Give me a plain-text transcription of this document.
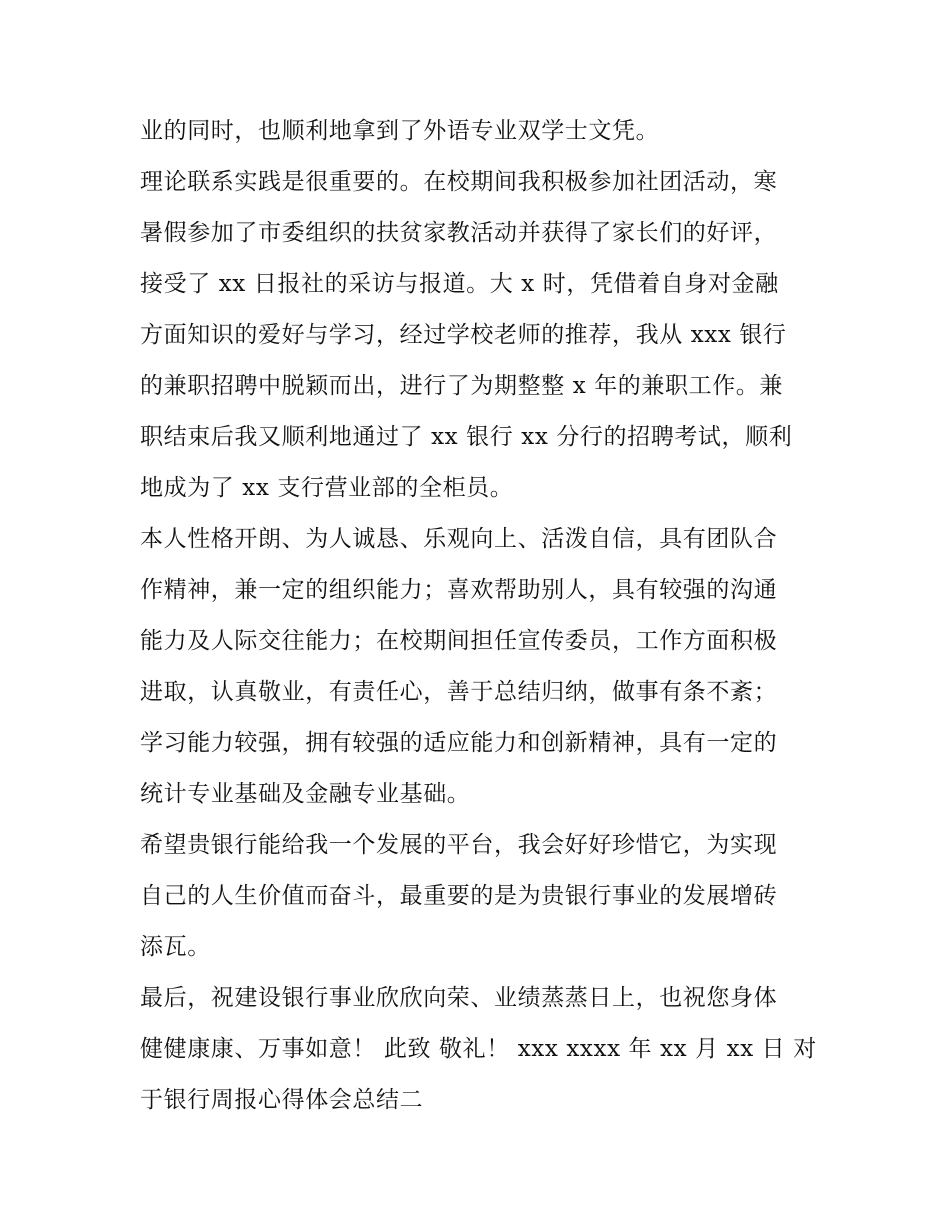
业的同时，也顺利地拿到了外语专业双学士文凭。
理论联系实践是很重要的。在校期间我积极参加社团活动，寒
暑假参加了市委组织的扶贫家教活动并获得了家长们的好评，
接受了 xx 日报社的采访与报道。大 x 时，凭借着自身对金融
方面知识的爱好与学习，经过学校老师的推荐，我从 xxx 银行
的兼职招聘中脱颖而出，进行了为期整整 x 年的兼职工作。兼
职结束后我又顺利地通过了 xx 银行 xx 分行的招聘考试，顺利
地成为了 xx 支行营业部的全柜员。
本人性格开朗、为人诚恳、乐观向上、活泼自信，具有团队合
作精神，兼一定的组织能力；喜欢帮助别人，具有较强的沟通
能力及人际交往能力；在校期间担任宣传委员，工作方面积极
进取，认真敬业，有责任心，善于总结归纳，做事有条不紊；
学习能力较强，拥有较强的适应能力和创新精神，具有一定的
统计专业基础及金融专业基础。
希望贵银行能给我一个发展的平台，我会好好珍惜它，为实现
自己的人生价值而奋斗，最重要的是为贵银行事业的发展增砖
添瓦。
最后，祝建设银行事业欣欣向荣、业绩蒸蒸日上，也祝您身体
健健康康、万事如意！ 此致 敬礼！ xxx xxxx 年 xx 月 xx 日 对
于银行周报心得体会总结二
